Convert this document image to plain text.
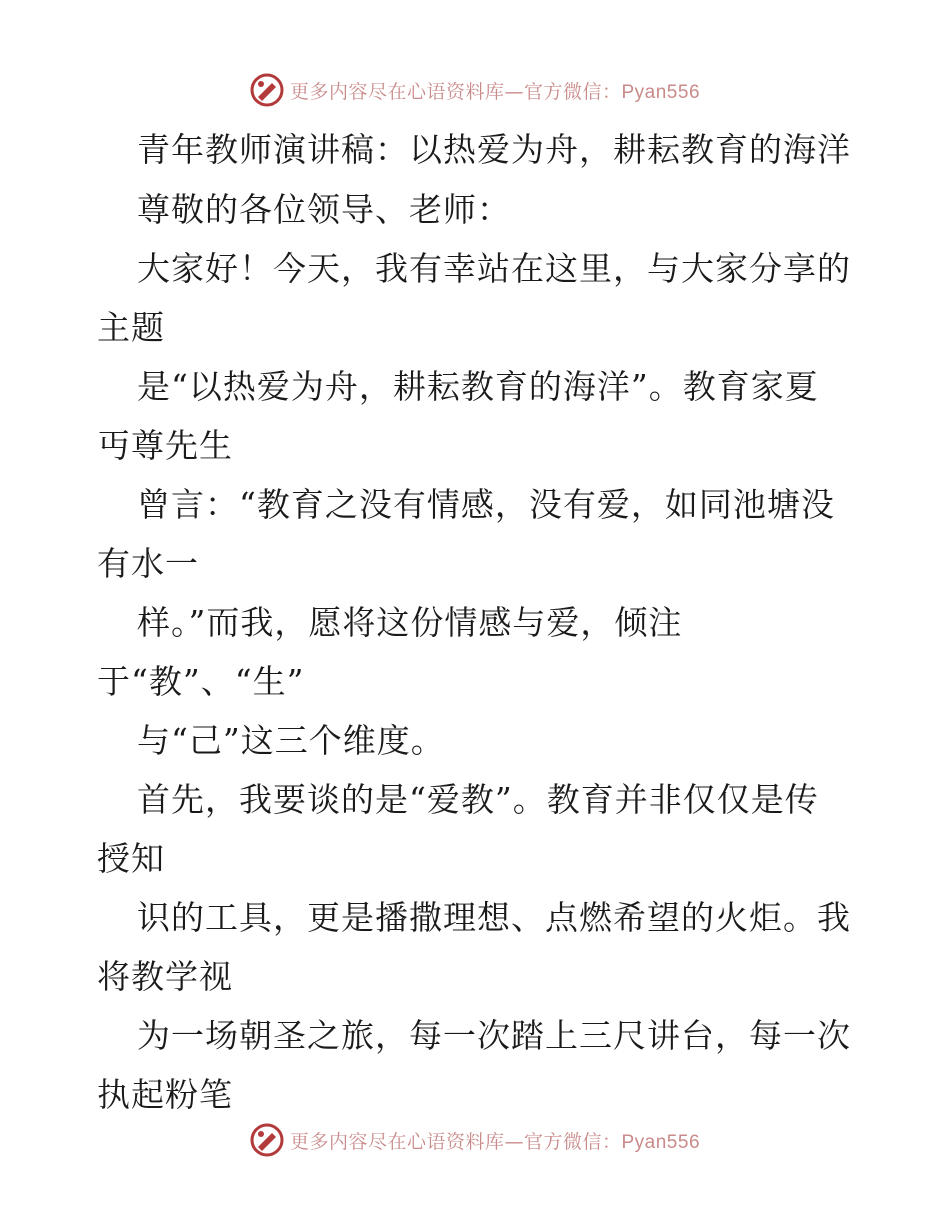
更多内容尽在心语资料库—官方微信：Pyan556
青年教师演讲稿：以热爱为舟，耕耘教育的海洋
尊敬的各位领导、老师：
大家好！今天，我有幸站在这里，与大家分享的
主题
是“以热爱为舟，耕耘教育的海洋”。教育家夏
丏尊先生
曾言：“教育之没有情感，没有爱，如同池塘没
有水一
样。”而我，愿将这份情感与爱，倾注
于“教”、“生”
与“己”这三个维度。
首先，我要谈的是“爱教”。教育并非仅仅是传
授知
识的工具，更是播撒理想、点燃希望的火炬。我
将教学视
为一场朝圣之旅，每一次踏上三尺讲台，每一次
执起粉笔
更多内容尽在心语资料库—官方微信：Pyan556
